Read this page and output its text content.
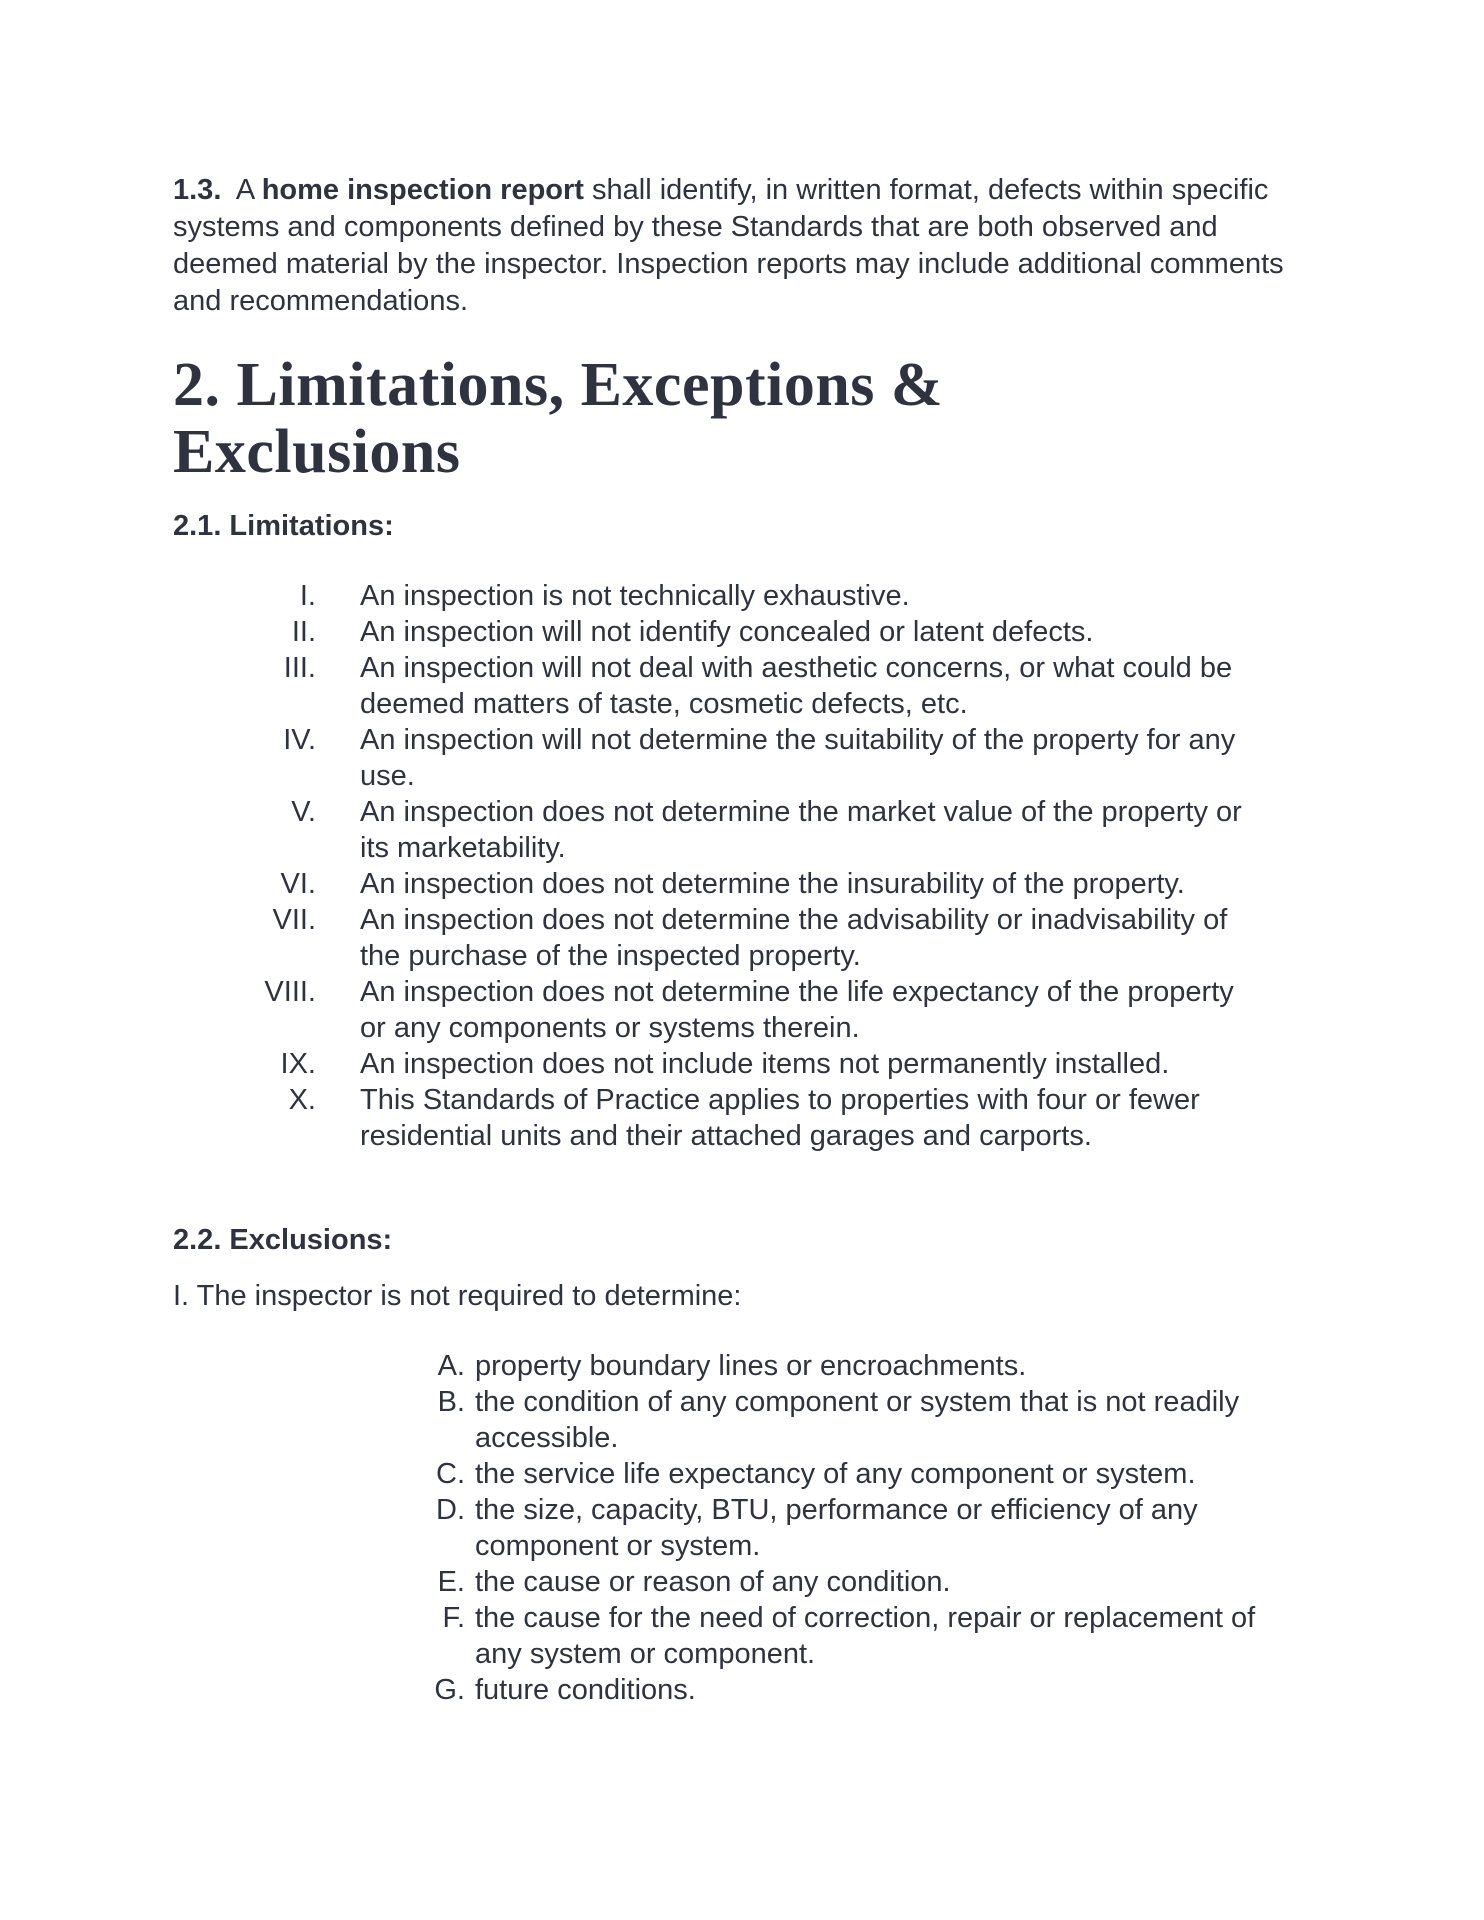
1.3. A home inspection report shall identify, in written format, defects within specific systems and components defined by these Standards that are both observed and deemed material by the inspector. Inspection reports may include additional comments and recommendations.

2. Limitations, Exceptions & Exclusions
2.1. Limitations:
I.	An inspection is not technically exhaustive.
II.	An inspection will not identify concealed or latent defects.
III.	An inspection will not deal with aesthetic concerns, or what could be deemed matters of taste, cosmetic defects, etc.
IV.	An inspection will not determine the suitability of the property for any use.
V.	An inspection does not determine the market value of the property or its marketability.
VI.	An inspection does not determine the insurability of the property.
VII.	An inspection does not determine the advisability or inadvisability of the purchase of the inspected property.
VIII.	An inspection does not determine the life expectancy of the property or any components or systems therein.
IX.	An inspection does not include items not permanently installed.
X.	This Standards of Practice applies to properties with four or fewer residential units and their attached garages and carports.
2.2. Exclusions:

I. The inspector is not required to determine:

A. property boundary lines or encroachments.
B. the condition of any component or system that is not readily accessible.
C. the service life expectancy of any component or system.
D. the size, capacity, BTU, performance or efficiency of any component or system.
E. the cause or reason of any condition.
F. the cause for the need of correction, repair or replacement of any system or component.
G. future conditions.
